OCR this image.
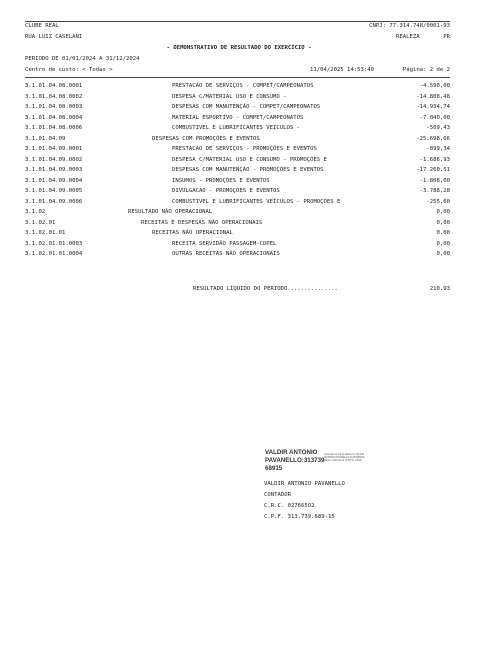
CLUBE REAL	CNPJ: 77.314.748/0001-93
RUA LUIZ CASELANI	REALEZA	PR
- DEMONSTRATIVO DE RESULTADO DO EXERCÍCIO -
PERIODO DE 01/01/2024 A 31/12/2024
Centro de custo: < Todas >	11/04/2025 14:53:40	Página: 2 de 2
3.1.01.04.08.0001	PRESTACAO DE SERVIÇOS - COMPET/CAMPEONATOS	-4.590,00
3.1.01.04.08.0002	DESPESA C/MATERIAL USO E CONSUMO -	-14.808,48
3.1.01.04.08.0003	DESPESAS COM MANUTENÇÃO - COMPET/CAMPEONATOS	-14.934,74
3.1.01.04.08.0004	MATERIAL ESPORTIVO - COMPET/CAMPEONATOS	-7.040,00
3.1.01.04.08.0006	COMBUSTIVEL E LUBRIFICANTES VEICULOS -	-509,43
3.1.01.04.09	DESPESAS COM PROMOÇÕES E EVENTOS	-25.698,66
3.1.01.04.09.0001	PRESTACAO DE SERVIÇOS - PROMOÇÕES E EVENTOS	-899,34
3.1.01.04.09.0002	DESPESA C/MATERIAL USO E CONSUMO - PROMOÇÕES E	-1.686,93
3.1.01.04.09.0003	DESPESAS COM MANUTENÇÃO - PROMOÇÕES E EVENTOS	-17.260,51
3.1.01.04.09.0004	INSUMOS - PROMOÇÕES E EVENTOS	-1.808,00
3.1.01.04.09.0005	DIVULGACAO - PROMOÇÕES E EVENTOS	-3.788,28
3.1.01.04.09.0006	COMBUSTIVEL E LUBRIFICANTES VEICULOS - PROMOÇÕES E	-255,60
3.1.02	RESULTADO NÃO OPERACIONAL	0,00
3.1.02.01	RECEITAS E DESPESAS NÃO OPERACIONAIS	0,00
3.1.02.01.01	RECEITAS NÃO OPERACIONAL	0,00
3.1.02.01.01.0003	RECEITA SERVIDÃO PASSAGEM-COPEL	0,00
3.1.02.01.01.0004	OUTRAS RECEITAS NÃO OPERACIONAIS	0,00
RESULTADO LÍQUIDO DO PERIODO...............	210,93
VALDIR ANTONIO
PAVANELLO:313739
68915
Assinado de forma digital por VALDIR
ANTONIO PAVANELLO:31373968915
Dados: 2025.04.11 14:56:51 -03'00'
VALDIR ANTONIO PAVANELLO
CONTADOR
C.R.C. 027665O2
C.P.F. 313.739.689-15
